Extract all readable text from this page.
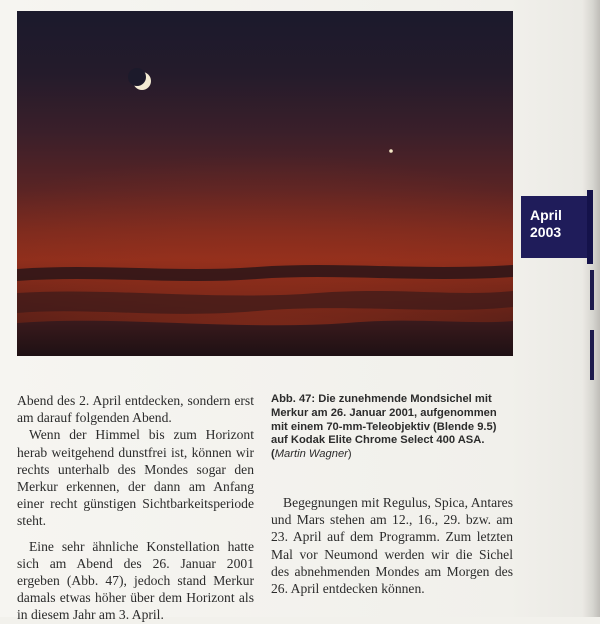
April
2003

Abend des 2. April entdecken, sondern erst am darauf folgenden Abend.

Wenn der Himmel bis zum Horizont herab weitgehend dunstfrei ist, können wir rechts unterhalb des Mondes sogar den Merkur erkennen, der dann am Anfang einer recht günstigen Sichtbarkeitsperiode steht.

Eine sehr ähnliche Konstellation hatte sich am Abend des 26. Januar 2001 ergeben (Abb. 47), jedoch stand Merkur damals etwas höher über dem Horizont als in diesem Jahr am 3. April.

Abb. 47: Die zunehmende Mondsichel mit Merkur am 26. Januar 2001, aufgenommen mit einem 70-mm-Teleobjektiv (Blende 9.5) auf Kodak Elite Chrome Select 400 ASA. (Martin Wagner)

Begegnungen mit Regulus, Spica, Antares und Mars stehen am 12., 16., 29. bzw. am 23. April auf dem Programm. Zum letzten Mal vor Neumond werden wir die Sichel des abnehmenden Mondes am Morgen des 26. April entdecken können.
